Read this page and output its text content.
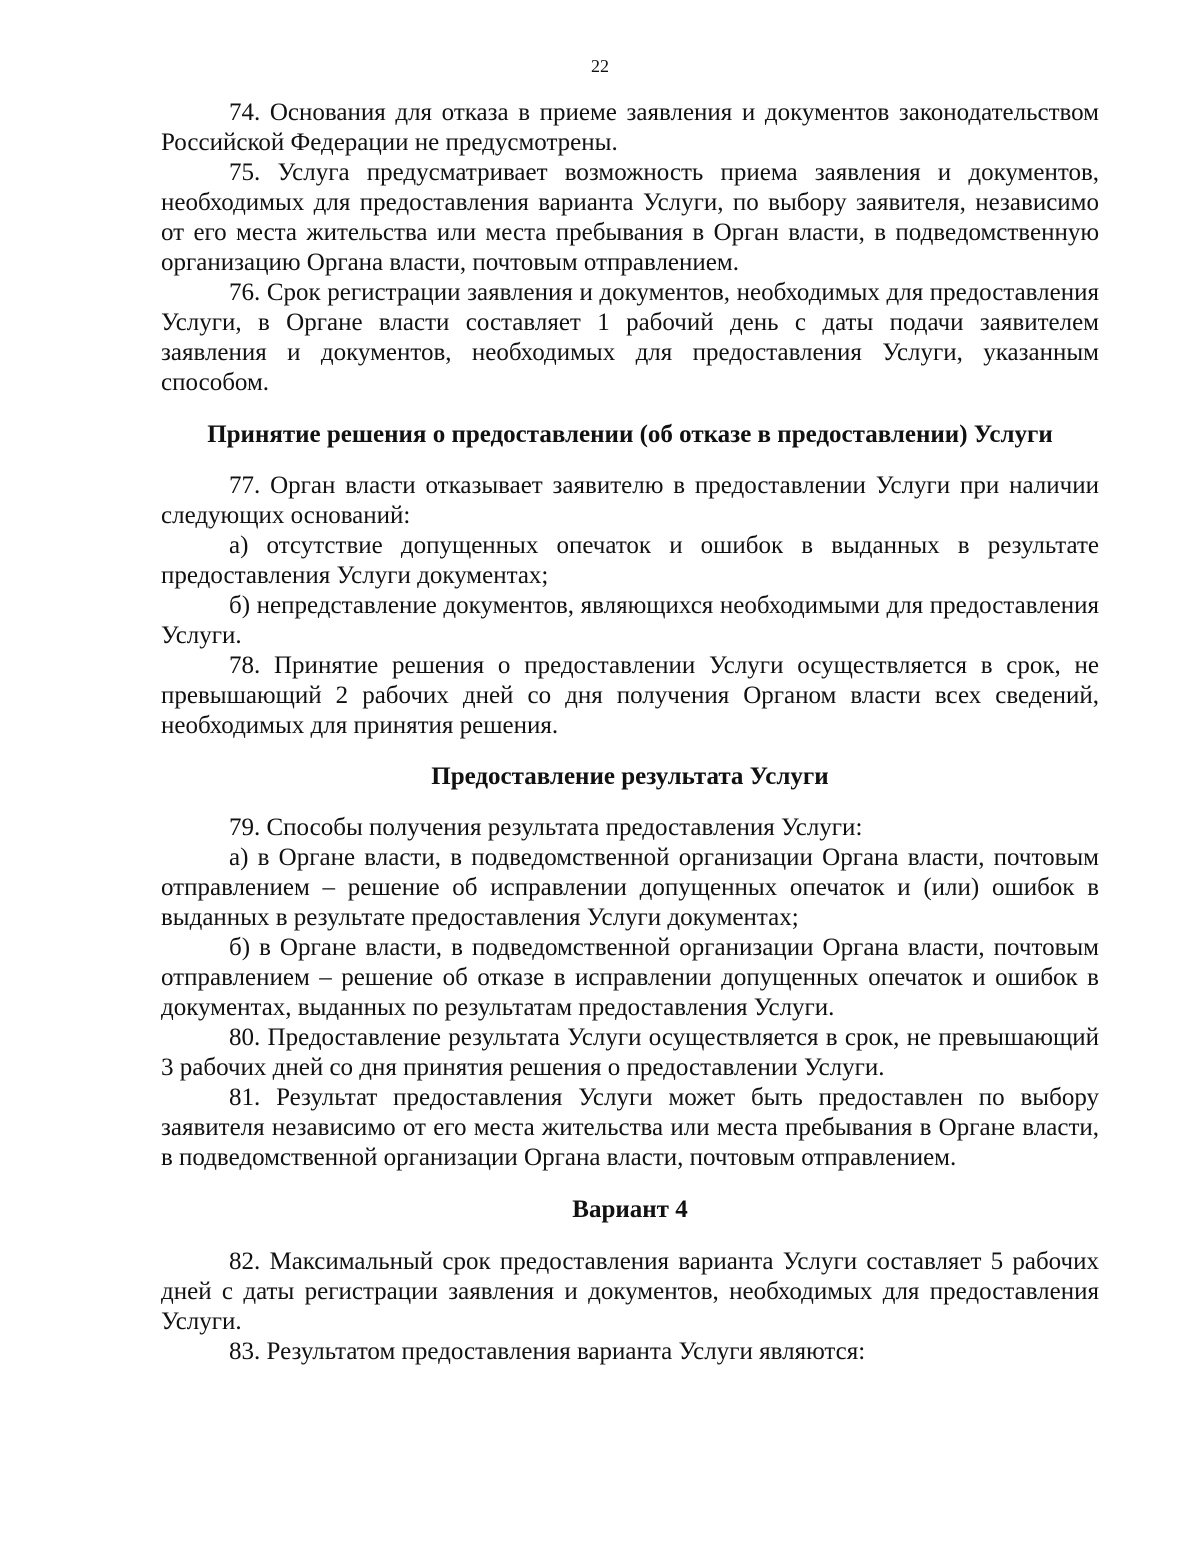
22

74. Основания для отказа в приеме заявления и документов законодательством Российской Федерации не предусмотрены.

75. Услуга предусматривает возможность приема заявления и документов, необходимых для предоставления варианта Услуги, по выбору заявителя, независимо от его места жительства или места пребывания в Орган власти, в подведомственную организацию Органа власти, почтовым отправлением.

76. Срок регистрации заявления и документов, необходимых для предоставления Услуги, в Органе власти составляет 1 рабочий день с даты подачи заявителем заявления и документов, необходимых для предоставления Услуги, указанным способом.

Принятие решения о предоставлении (об отказе в предоставлении) Услуги

77. Орган власти отказывает заявителю в предоставлении Услуги при наличии следующих оснований:

а) отсутствие допущенных опечаток и ошибок в выданных в результате предоставления Услуги документах;

б) непредставление документов, являющихся необходимыми для предоставления Услуги.

78. Принятие решения о предоставлении Услуги осуществляется в срок, не превышающий 2 рабочих дней со дня получения Органом власти всех сведений, необходимых для принятия решения.

Предоставление результата Услуги

79. Способы получения результата предоставления Услуги:

а) в Органе власти, в подведомственной организации Органа власти, почтовым отправлением – решение об исправлении допущенных опечаток и (или) ошибок в выданных в результате предоставления Услуги документах;

б) в Органе власти, в подведомственной организации Органа власти, почтовым отправлением – решение об отказе в исправлении допущенных опечаток и ошибок в документах, выданных по результатам предоставления Услуги.

80. Предоставление результата Услуги осуществляется в срок, не превышающий 3 рабочих дней со дня принятия решения о предоставлении Услуги.

81. Результат предоставления Услуги может быть предоставлен по выбору заявителя независимо от его места жительства или места пребывания в Органе власти, в подведомственной организации Органа власти, почтовым отправлением.

Вариант 4

82. Максимальный срок предоставления варианта Услуги составляет 5 рабочих дней с даты регистрации заявления и документов, необходимых для предоставления Услуги.

83. Результатом предоставления варианта Услуги являются:
